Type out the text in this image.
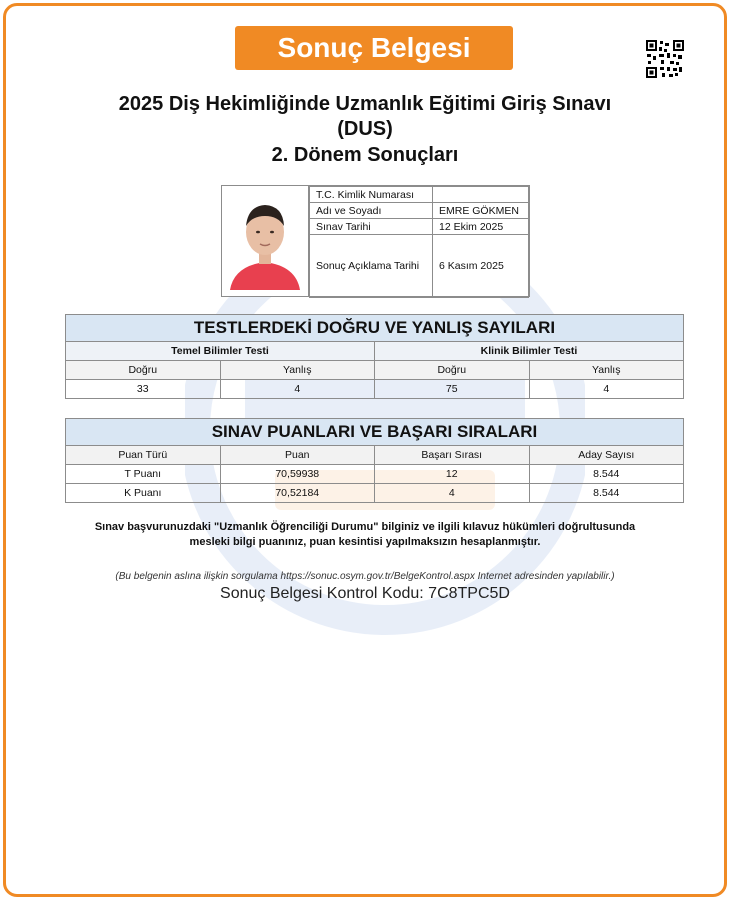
Sonuç Belgesi
2025 Diş Hekimliğinde Uzmanlık Eğitimi Giriş Sınavı
(DUS)
2. Dönem Sonuçları
T.C. Kimlik Numarası	
Adı ve Soyadı	EMRE GÖKMEN
Sınav Tarihi	12 Ekim 2025
Sonuç Açıklama Tarihi	6 Kasım 2025
TESTLERDEKİ DOĞRU VE YANLIŞ SAYILARI			
Temel Bilimler Testi		Klinik Bilimler Testi	
Doğru	Yanlış	Doğru	Yanlış
33	4	75	4
SINAV PUANLARI VE BAŞARI SIRALARI			
Puan Türü	Puan	Başarı Sırası	Aday Sayısı
T Puanı	70,59938	12	8.544
K Puanı	70,52184	4	8.544
Sınav başvurunuzdaki "Uzmanlık Öğrenciliği Durumu" bilginiz ve ilgili kılavuz hükümleri doğrultusunda
mesleki bilgi puanınız, puan kesintisi yapılmaksızın hesaplanmıştır.
(Bu belgenin aslına ilişkin sorgulama https://sonuc.osym.gov.tr/BelgeKontrol.aspx Internet adresinden yapılabilir.)
Sonuç Belgesi Kontrol Kodu: 7C8TPC5D
